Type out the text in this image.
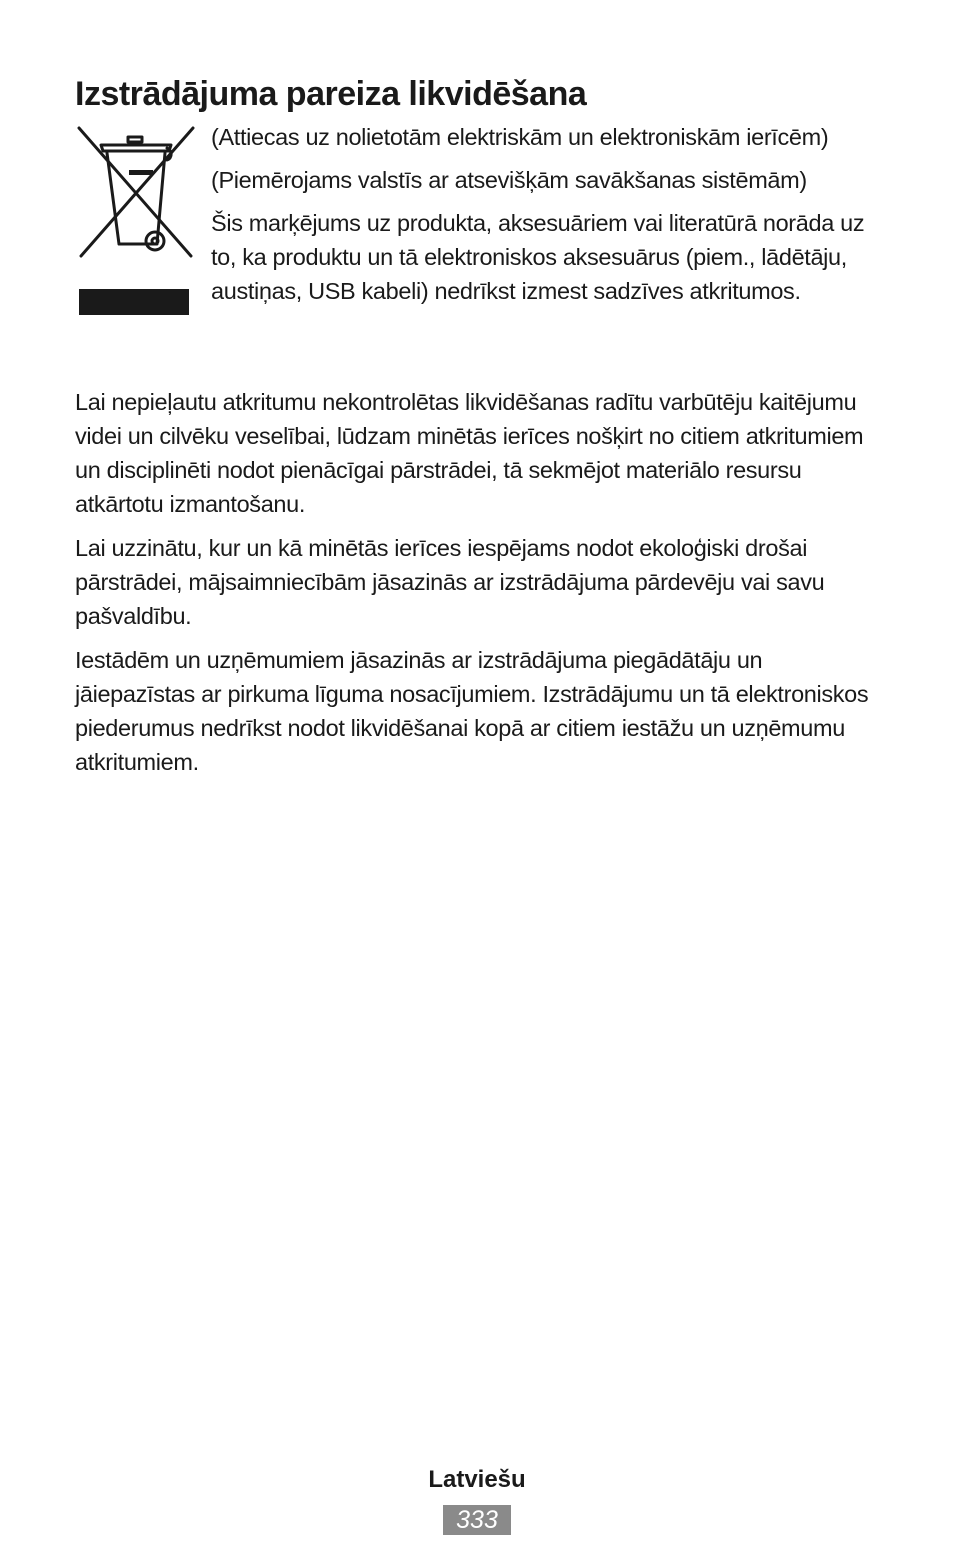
Izstrādājuma pareiza likvidēšana

(Attiecas uz nolietotām elektriskām un elektroniskām ierīcēm)

(Piemērojams valstīs ar atsevišķām savākšanas sistēmām)

Šis marķējums uz produkta, aksesuāriem vai literatūrā norāda uz to, ka produktu un tā elektroniskos aksesuārus (piem., lādētāju, austiņas, USB kabeli) nedrīkst izmest sadzīves atkritumos.

Lai nepieļautu atkritumu nekontrolētas likvidēšanas radītu varbūtēju kaitējumu videi un cilvēku veselībai, lūdzam minētās ierīces nošķirt no citiem atkritumiem un disciplinēti nodot pienācīgai pārstrādei, tā sekmējot materiālo resursu atkārtotu izmantošanu.

Lai uzzinātu, kur un kā minētās ierīces iespējams nodot ekoloģiski drošai pārstrādei, mājsaimniecībām jāsazinās ar izstrādājuma pārdevēju vai savu pašvaldību.

Iestādēm un uzņēmumiem jāsazinās ar izstrādājuma piegādātāju un jāiepazīstas ar pirkuma līguma nosacījumiem. Izstrādājumu un tā elektroniskos piederumus nedrīkst nodot likvidēšanai kopā ar citiem iestāžu un uzņēmumu atkritumiem.

Latviešu
333
